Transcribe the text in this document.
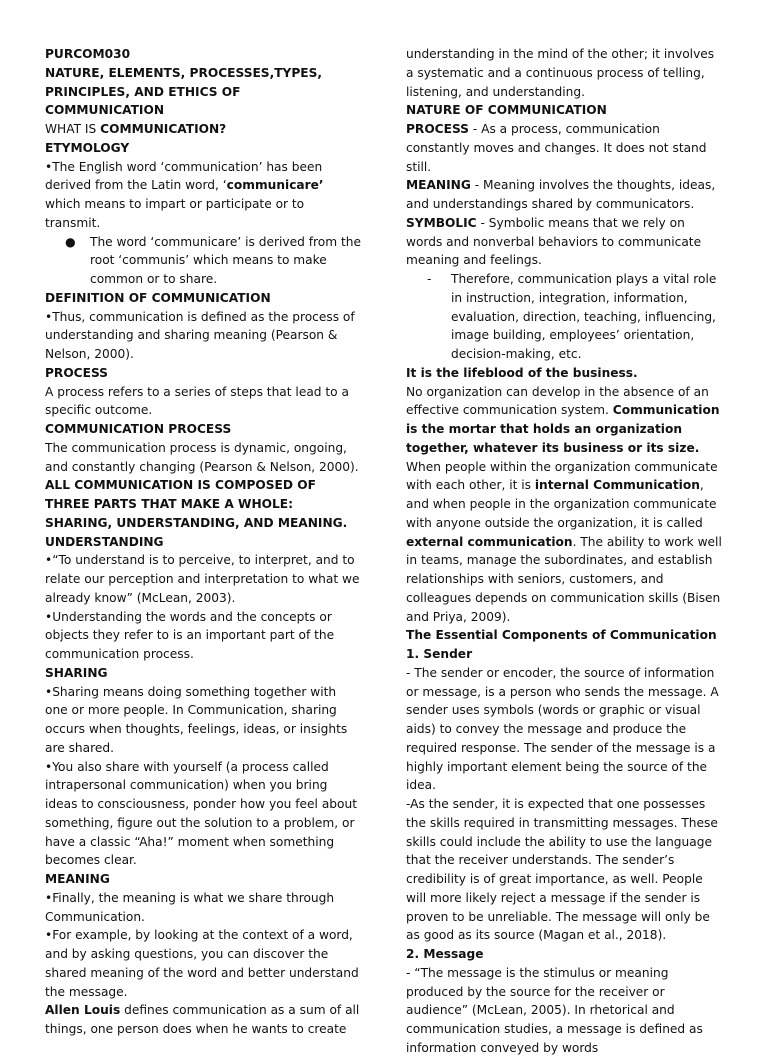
PURCOM030

NATURE, ELEMENTS, PROCESSES,TYPES, PRINCIPLES, AND ETHICS OF COMMUNICATION

WHAT IS COMMUNICATION?

ETYMOLOGY

•The English word ‘communication’ has been derived from the Latin word, ‘communicare’ which means to impart or participate or to transmit.

●	The word ‘communicare’ is derived from the root ‘communis’ which means to make common or to share.

DEFINITION OF COMMUNICATION

•Thus, communication is defined as the process of understanding and sharing meaning (Pearson & Nelson, 2000).

PROCESS

A process refers to a series of steps that lead to a specific outcome.

COMMUNICATION PROCESS

The communication process is dynamic, ongoing, and constantly changing (Pearson & Nelson, 2000).

ALL COMMUNICATION IS COMPOSED OF THREE PARTS THAT MAKE A WHOLE: SHARING, UNDERSTANDING, AND MEANING.

UNDERSTANDING

•“To understand is to perceive, to interpret, and to relate our perception and interpretation to what we already know” (McLean, 2003).

•Understanding the words and the concepts or objects they refer to is an important part of the communication process.

SHARING

•Sharing means doing something together with one or more people. In Communication, sharing occurs when thoughts, feelings, ideas, or insights are shared.

•You also share with yourself (a process called intrapersonal communication) when you bring ideas to consciousness, ponder how you feel about something, figure out the solution to a problem, or have a classic “Aha!” moment when something becomes clear.

MEANING

•Finally, the meaning is what we share through Communication.

•For example, by looking at the context of a word, and by asking questions, you can discover the shared meaning of the word and better understand the message.

Allen Louis defines communication as a sum of all things, one person does when he wants to create

understanding in the mind of the other; it involves a systematic and a continuous process of telling, listening, and understanding.

NATURE OF COMMUNICATION

PROCESS - As a process, communication constantly moves and changes. It does not stand still.

MEANING - Meaning involves the thoughts, ideas, and understandings shared by communicators.

SYMBOLIC - Symbolic means that we rely on words and nonverbal behaviors to communicate meaning and feelings.

-	Therefore, communication plays a vital role in instruction, integration, information, evaluation, direction, teaching, influencing, image building, employees’ orientation, decision-making, etc.

It is the lifeblood of the business.

No organization can develop in the absence of an effective communication system. Communication is the mortar that holds an organization together, whatever its business or its size.

When people within the organization communicate with each other, it is internal Communication, and when people in the organization communicate with anyone outside the organization, it is called external communication. The ability to work well in teams, manage the subordinates, and establish relationships with seniors, customers, and colleagues depends on communication skills (Bisen and Priya, 2009).

The Essential Components of Communication

1. Sender

- The sender or encoder, the source of information or message, is a person who sends the message. A sender uses symbols (words or graphic or visual aids) to convey the message and produce the required response. The sender of the message is a highly important element being the source of the idea.

-As the sender, it is expected that one possesses the skills required in transmitting messages. These skills could include the ability to use the language that the receiver understands. The sender’s credibility is of great importance, as well. People will more likely reject a message if the sender is proven to be unreliable. The message will only be as good as its source (Magan et al., 2018).

2. Message

- “The message is the stimulus or meaning produced by the source for the receiver or audience” (McLean, 2005). In rhetorical and communication studies, a message is defined as information conveyed by words
